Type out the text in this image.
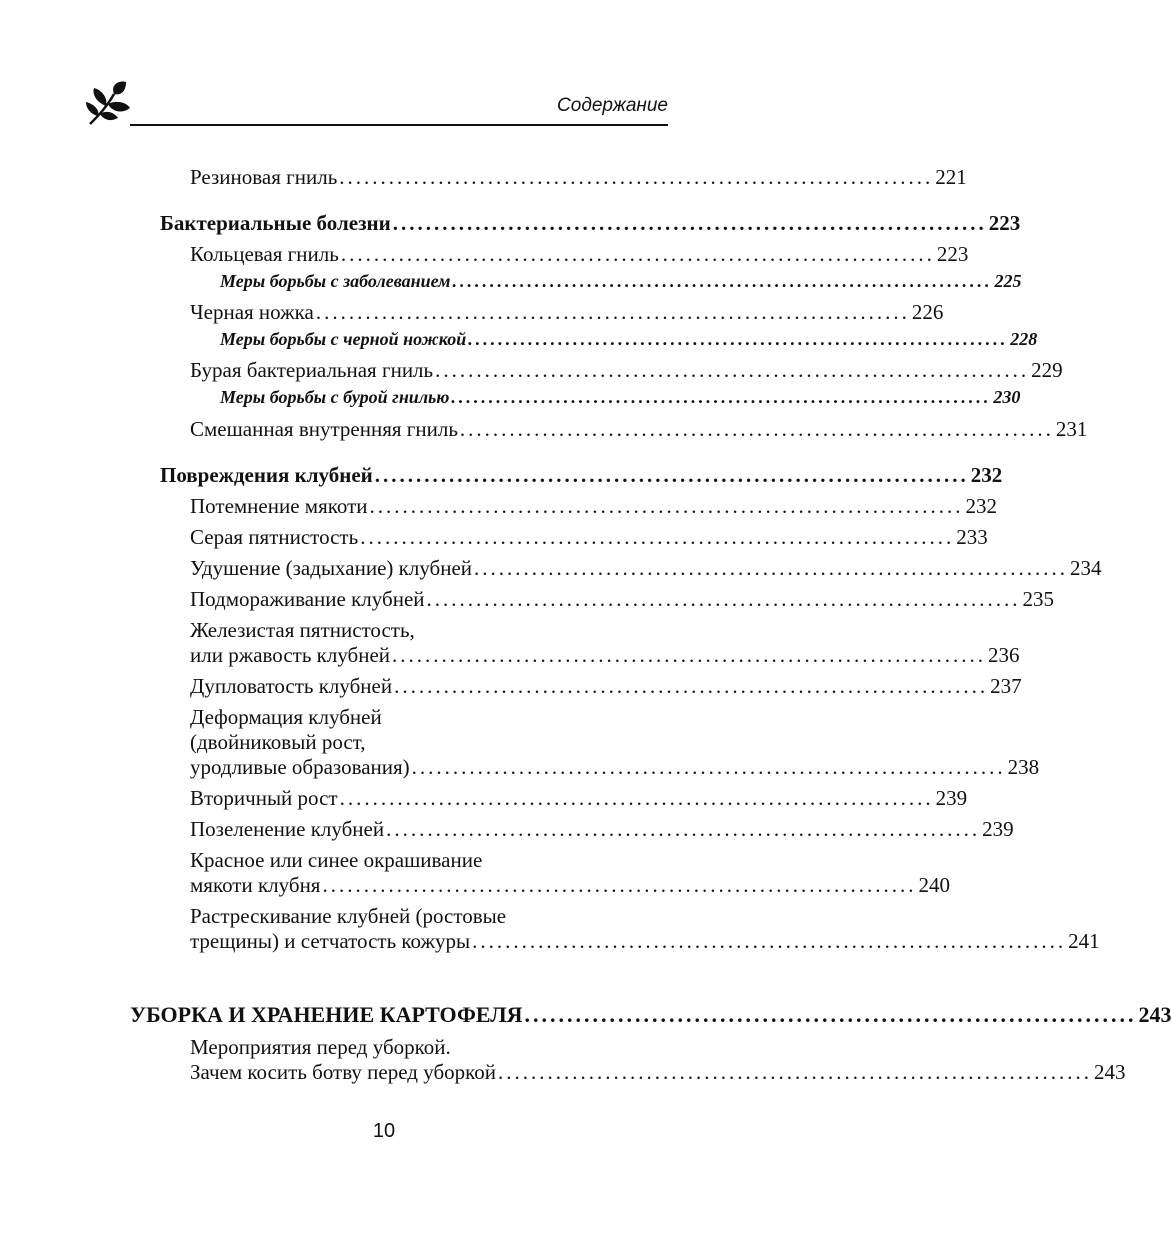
Содержание
Резиновая гниль ........................................................................ 221
Бактериальные болезни ........................................................................ 223
Кольцевая гниль ........................................................................ 223
Меры борьбы с заболеванием ........................................................................ 225
Черная ножка ........................................................................ 226
Меры борьбы с черной ножкой ........................................................................ 228
Бурая бактериальная гниль ........................................................................ 229
Меры борьбы с бурой гнилью ........................................................................ 230
Смешанная внутренняя гниль ........................................................................ 231
Повреждения клубней ........................................................................ 232
Потемнение мякоти ........................................................................ 232
Серая пятнистость ........................................................................ 233
Удушение (задыхание) клубней ........................................................................ 234
Подмораживание клубней ........................................................................ 235
Железистая пятнистость,
или ржавость клубней ........................................................................ 236
Дупловатость клубней ........................................................................ 237
Деформация клубней
(двойниковый рост,
уродливые образования) ........................................................................ 238
Вторичный рост ........................................................................ 239
Позеленение клубней ........................................................................ 239
Красное или синее окрашивание
мякоти клубня ........................................................................ 240
Растрескивание клубней (ростовые
трещины) и сетчатость кожуры ........................................................................ 241
УБОРКА И ХРАНЕНИЕ КАРТОФЕЛЯ ........................................................................ 243
Мероприятия перед уборкой.
Зачем косить ботву перед уборкой ........................................................................ 243
10
